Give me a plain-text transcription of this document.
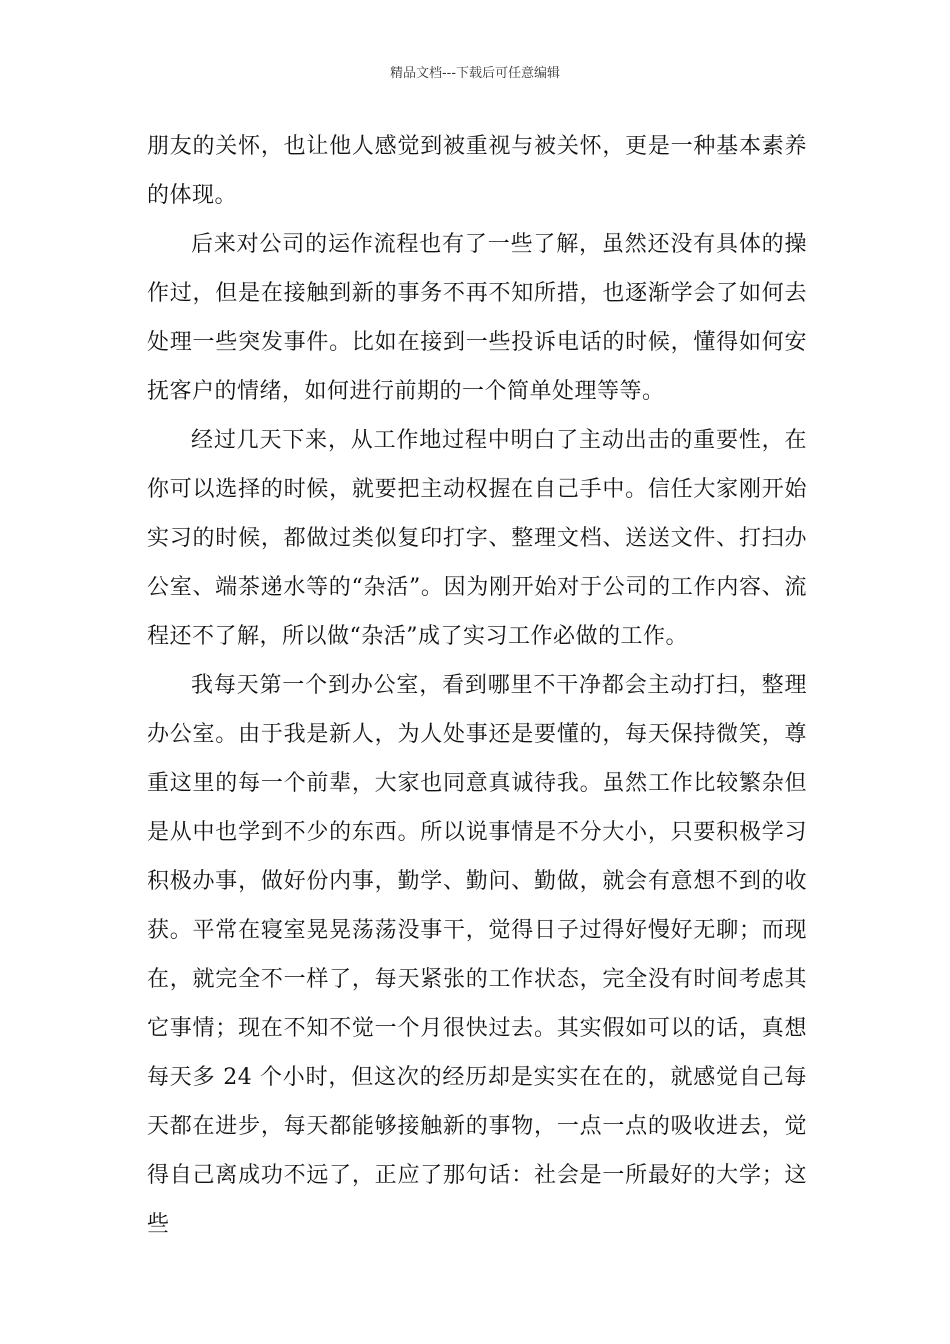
精品文档---下载后可任意编辑

朋友的关怀，也让他人感觉到被重视与被关怀，更是一种基本素养的体现。

后来对公司的运作流程也有了一些了解，虽然还没有具体的操作过，但是在接触到新的事务不再不知所措，也逐渐学会了如何去处理一些突发事件。比如在接到一些投诉电话的时候，懂得如何安抚客户的情绪，如何进行前期的一个简单处理等等。

经过几天下来，从工作地过程中明白了主动出击的重要性，在你可以选择的时候，就要把主动权握在自己手中。信任大家刚开始实习的时候，都做过类似复印打字、整理文档、送送文件、打扫办公室、端茶递水等的“杂活”。因为刚开始对于公司的工作内容、流程还不了解，所以做“杂活”成了实习工作必做的工作。

我每天第一个到办公室，看到哪里不干净都会主动打扫，整理办公室。由于我是新人，为人处事还是要懂的，每天保持微笑，尊重这里的每一个前辈，大家也同意真诚待我。虽然工作比较繁杂但是从中也学到不少的东西。所以说事情是不分大小，只要积极学习积极办事，做好份内事，勤学、勤问、勤做，就会有意想不到的收获。平常在寝室晃晃荡荡没事干，觉得日子过得好慢好无聊；而现在，就完全不一样了，每天紧张的工作状态，完全没有时间考虑其它事情；现在不知不觉一个月很快过去。其实假如可以的话，真想每天多 24 个小时，但这次的经历却是实实在在的，就感觉自己每天都在进步，每天都能够接触新的事物，一点一点的吸收进去，觉得自己离成功不远了，正应了那句话：社会是一所最好的大学；这些
